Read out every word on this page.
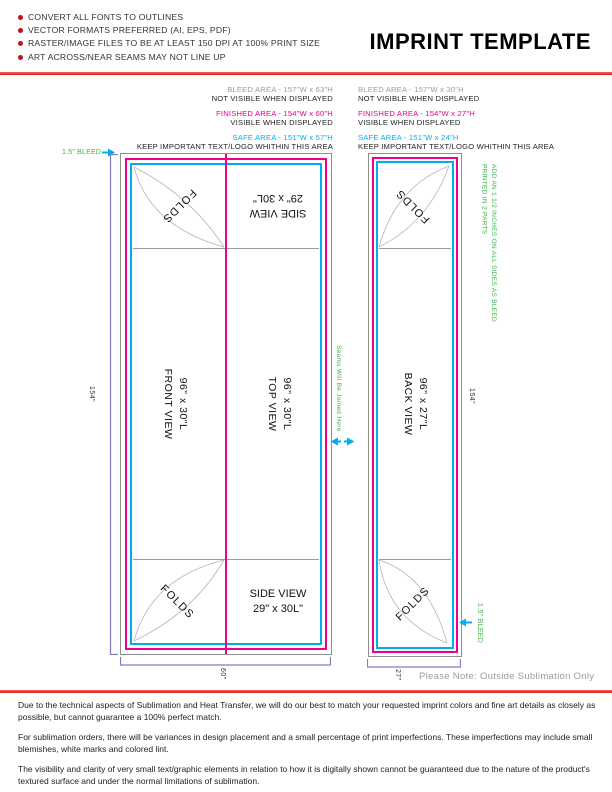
CONVERT ALL FONTS TO OUTLINES
VECTOR FORMATS PREFERRED (AI, EPS, PDF)
RASTER/IMAGE FILES TO BE AT LEAST 150 DPI AT 100% PRINT SIZE
ART ACROSS/NEAR SEAMS MAY NOT LINE UP
IMPRINT TEMPLATE
BLEED AREA - 157"W x 63"H
NOT VISIBLE WHEN DISPLAYED
FINISHED AREA - 154"W x 60"H
VISIBLE WHEN DISPLAYED
SAFE AREA - 151"W x 57"H
KEEP IMPORTANT TEXT/LOGO WHITHIN THIS AREA
BLEED AREA - 157"W x 30"H
NOT VISIBLE WHEN DISPLAYED
FINISHED AREA - 154"W x 27"H
VISIBLE WHEN DISPLAYED
SAFE AREA - 151"W x 24"H
KEEP IMPORTANT TEXT/LOGO WHITHIN THIS AREA
1.5" BLEED
154"
FOLDS	SIDE VIEW
29" x 30L"
96" x 30"L
FRONT VIEW	96" x 30"L
TOP VIEW
FOLDS	SIDE VIEW
29" x 30L"
60"
Seams Will Be Joined Here
FOLDS
96" x 27"L
BACK VIEW
FOLDS
PRINTED IN 2 PARTS ADD AN 1 1/2 INCHES ON ALL SIDES AS BLEED
154"
1.5" BLEED
27" Please Note: Outside Sublimation Only

Due to the technical aspects of Sublimation and Heat Transfer, we will do our best to match your requested imprint colors and fine art details as closely as possible, but cannot guarantee a 100% perfect match.

For sublimation orders, there will be variances in design placement and a small percentage of print imperfections. These imperfections may include small blemishes, white marks and colored lint.

The visibility and clarity of very small text/graphic elements in relation to how it is digitally shown cannot be guaranteed due to the nature of the product's textured surface and under the normal limitations of sublimation.
